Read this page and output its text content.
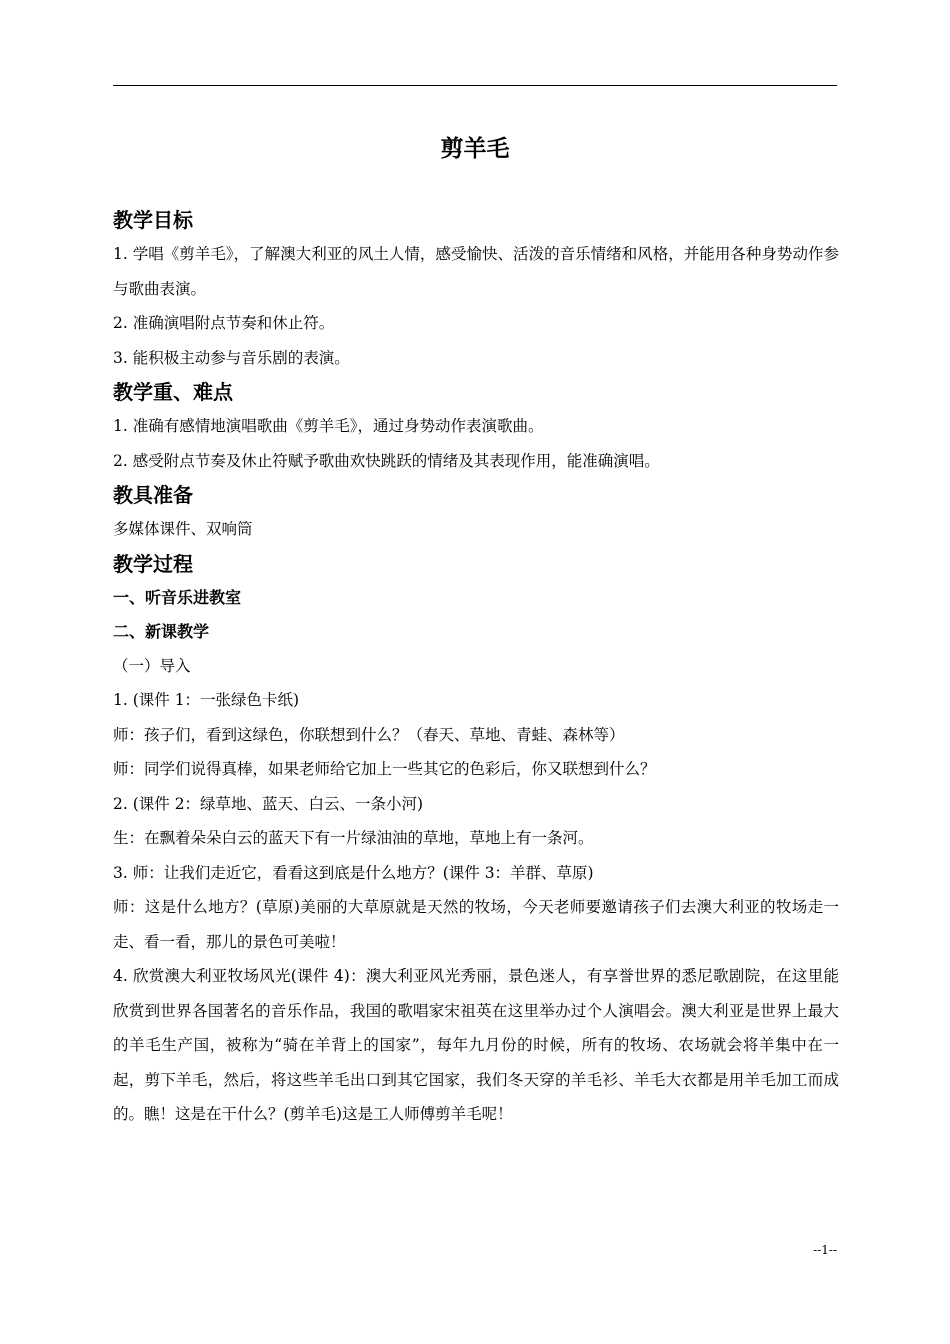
剪羊毛
教学目标
1. 学唱《剪羊毛》，了解澳大利亚的风土人情，感受愉快、活泼的音乐情绪和风格，并能用各种身势动作参与歌曲表演。
2. 准确演唱附点节奏和休止符。
3. 能积极主动参与音乐剧的表演。
教学重、难点
1. 准确有感情地演唱歌曲《剪羊毛》，通过身势动作表演歌曲。
2. 感受附点节奏及休止符赋予歌曲欢快跳跃的情绪及其表现作用，能准确演唱。
教具准备
多媒体课件、双响筒
教学过程
一、听音乐进教室
二、新课教学
（一）导入
1. (课件 1：一张绿色卡纸)
师：孩子们，看到这绿色，你联想到什么？（春天、草地、青蛙、森林等）
师：同学们说得真棒，如果老师给它加上一些其它的色彩后，你又联想到什么？
2. (课件 2：绿草地、蓝天、白云、一条小河)
生：在飘着朵朵白云的蓝天下有一片绿油油的草地，草地上有一条河。
3. 师：让我们走近它，看看这到底是什么地方？(课件 3：羊群、草原)
师：这是什么地方？(草原)美丽的大草原就是天然的牧场，今天老师要邀请孩子们去澳大利亚的牧场走一走、看一看，那儿的景色可美啦！
4. 欣赏澳大利亚牧场风光(课件 4)：澳大利亚风光秀丽，景色迷人，有享誉世界的悉尼歌剧院，在这里能欣赏到世界各国著名的音乐作品，我国的歌唱家宋祖英在这里举办过个人演唱会。澳大利亚是世界上最大的羊毛生产国，被称为“骑在羊背上的国家”，每年九月份的时候，所有的牧场、农场就会将羊集中在一起，剪下羊毛，然后，将这些羊毛出口到其它国家，我们冬天穿的羊毛衫、羊毛大衣都是用羊毛加工而成的。瞧！这是在干什么？(剪羊毛)这是工人师傅剪羊毛呢！
--1--
